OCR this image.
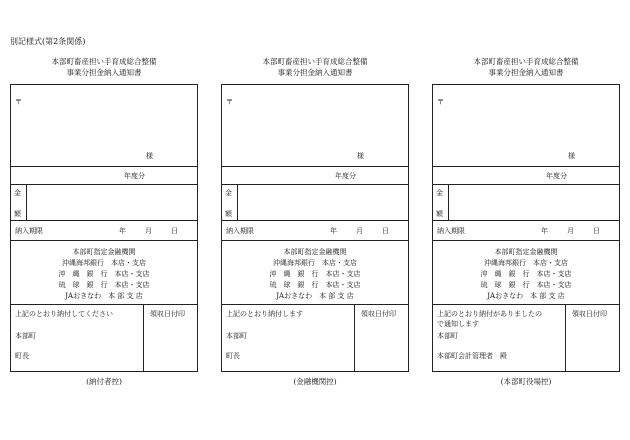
別記様式(第2条関係)
本部町畜産担い手育成総合整備
事業分担金納入通知書
〒
様
年度分
金
額
納入期限	年	月	日
本部町指定金融機関
沖縄海邦銀行　本店・支店
沖　縄　銀　行　本店・支店
琉　球　銀　行　本店・支店
JAおきなわ　本 部 支 店
上記のとおり納付してください
本部町
町長
領収日付印
(納付者控)
本部町畜産担い手育成総合整備
事業分担金納入通知書
〒
様
年度分
金
額
納入期限	年	月	日
本部町指定金融機関
沖縄海邦銀行　本店・支店
沖　縄　銀　行　本店・支店
琉　球　銀　行　本店・支店
JAおきなわ　本 部 支 店
上記のとおり納付します
本部町
町長
領収日付印
(金融機関控)
本部町畜産担い手育成総合整備
事業分担金納入通知書
〒
様
年度分
金
額
納入期限	年	月	日
本部町指定金融機関
沖縄海邦銀行　本店・支店
沖　縄　銀　行　本店・支店
琉　球　銀　行　本店・支店
JAおきなわ　本 部 支 店
上記のとおり納付がありましたの
で通知します
本部町
本部町会計管理者　殿
領収日付印
(本部町役場控)
